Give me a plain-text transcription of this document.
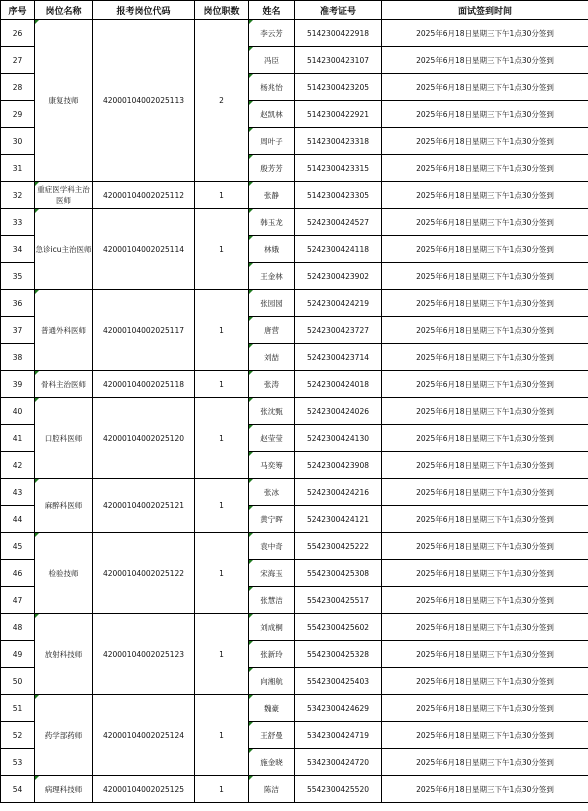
序号	岗位名称	报考岗位代码	岗位职数	姓名	准考证号	面试签到时间
26	康复技师	42000104002025113	2	李云芳	5142300422918	2025年6月18日星期三下午1点30分签到
27				冯臣	5142300423107	2025年6月18日星期三下午1点30分签到
28				杨兆怡	5142300423205	2025年6月18日星期三下午1点30分签到
29				赵凯林	5142300422921	2025年6月18日星期三下午1点30分签到
30				周叶子	5142300423318	2025年6月18日星期三下午1点30分签到
31				殷芳芳	5142300423315	2025年6月18日星期三下午1点30分签到
32	重症医学科主治医师	42000104002025112	1	张静	5142300423305	2025年6月18日星期三下午1点30分签到
33	急诊icu主治医师	42000104002025114	1	韩玉龙	5242300424527	2025年6月18日星期三下午1点30分签到
34				林娥	5242300424118	2025年6月18日星期三下午1点30分签到
35				王金林	5242300423902	2025年6月18日星期三下午1点30分签到
36	普通外科医师	42000104002025117	1	张园园	5242300424219	2025年6月18日星期三下午1点30分签到
37				唐营	5242300423727	2025年6月18日星期三下午1点30分签到
38				刘喆	5242300423714	2025年6月18日星期三下午1点30分签到
39	骨科主治医师	42000104002025118	1	张涛	5242300424018	2025年6月18日星期三下午1点30分签到
40	口腔科医师	42000104002025120	1	张沈甄	5242300424026	2025年6月18日星期三下午1点30分签到
41				赵莹莹	5242300424130	2025年6月18日星期三下午1点30分签到
42				马奕筹	5242300423908	2025年6月18日星期三下午1点30分签到
43	麻醉科医师	42000104002025121	1	张冰	5242300424216	2025年6月18日星期三下午1点30分签到
44				黄宁晖	5242300424121	2025年6月18日星期三下午1点30分签到
45	检验技师	42000104002025122	1	袁中奇	5542300425222	2025年6月18日星期三下午1点30分签到
46				宋海玉	5542300425308	2025年6月18日星期三下午1点30分签到
47				张慧洁	5542300425517	2025年6月18日星期三下午1点30分签到
48	放射科技师	42000104002025123	1	刘成桐	5542300425602	2025年6月18日星期三下午1点30分签到
49				张新玲	5542300425328	2025年6月18日星期三下午1点30分签到
50				向湘航	5542300425403	2025年6月18日星期三下午1点30分签到
51	药学部药师	42000104002025124	1	魏豪	5342300424629	2025年6月18日星期三下午1点30分签到
52				王舒曼	5342300424719	2025年6月18日星期三下午1点30分签到
53				施金晓	5342300424720	2025年6月18日星期三下午1点30分签到
54	病理科技师	42000104002025125	1	陈洁	5542300425520	2025年6月18日星期三下午1点30分签到
